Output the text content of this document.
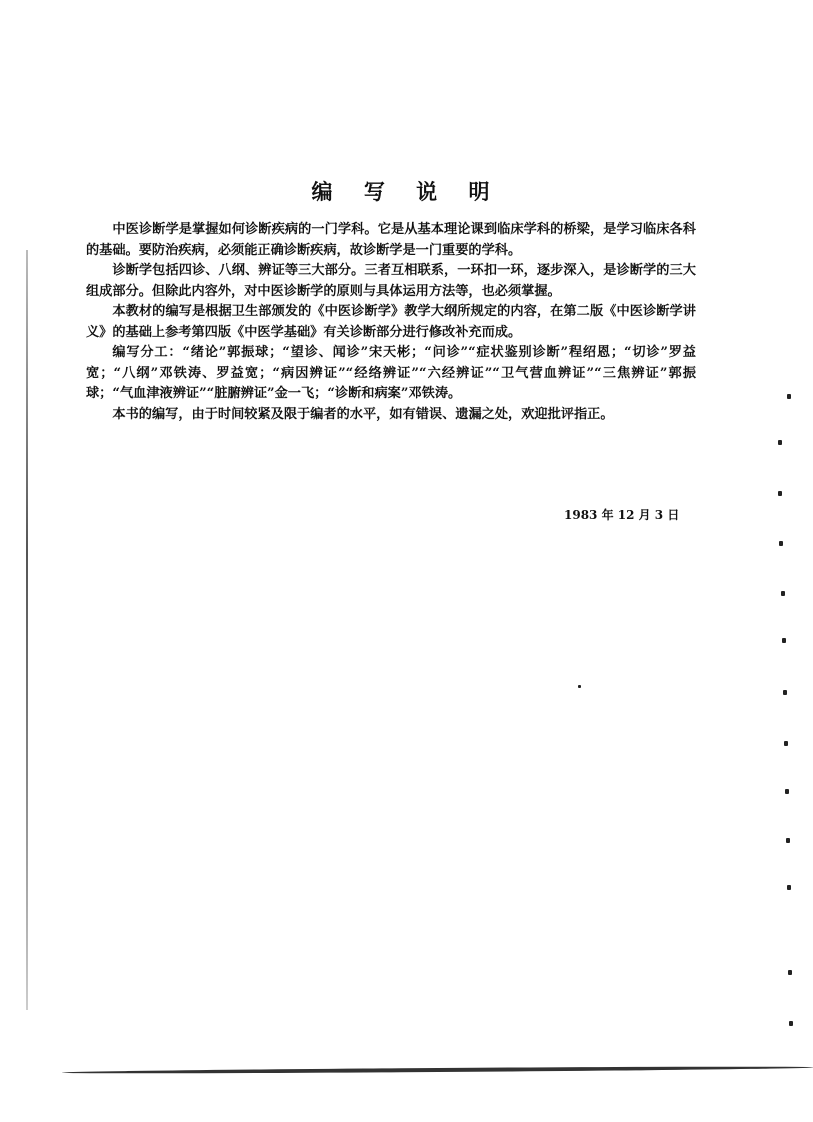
编 写 说 明

中医诊断学是掌握如何诊断疾病的一门学科。它是从基本理论课到临床学科的桥梁，是学习临床各科的基础。要防治疾病，必须能正确诊断疾病，故诊断学是一门重要的学科。

诊断学包括四诊、八纲、辨证等三大部分。三者互相联系，一环扣一环，逐步深入，是诊断学的三大组成部分。但除此内容外，对中医诊断学的原则与具体运用方法等，也必须掌握。

本教材的编写是根据卫生部颁发的《中医诊断学》教学大纲所规定的内容，在第二版《中医诊断学讲义》的基础上参考第四版《中医学基础》有关诊断部分进行修改补充而成。

编写分工：“绪论”郭振球；“望诊、闻诊”宋天彬；“问诊”“症状鉴别诊断”程绍恩；“切诊”罗益宽；“八纲”邓铁涛、罗益宽；“病因辨证”“经络辨证”“六经辨证”“卫气营血辨证”“三焦辨证”郭振球；“气血津液辨证”“脏腑辨证”金一飞；“诊断和病案”邓铁涛。

本书的编写，由于时间较紧及限于编者的水平，如有错误、遗漏之处，欢迎批评指正。

1983 年 12 月 3 日
